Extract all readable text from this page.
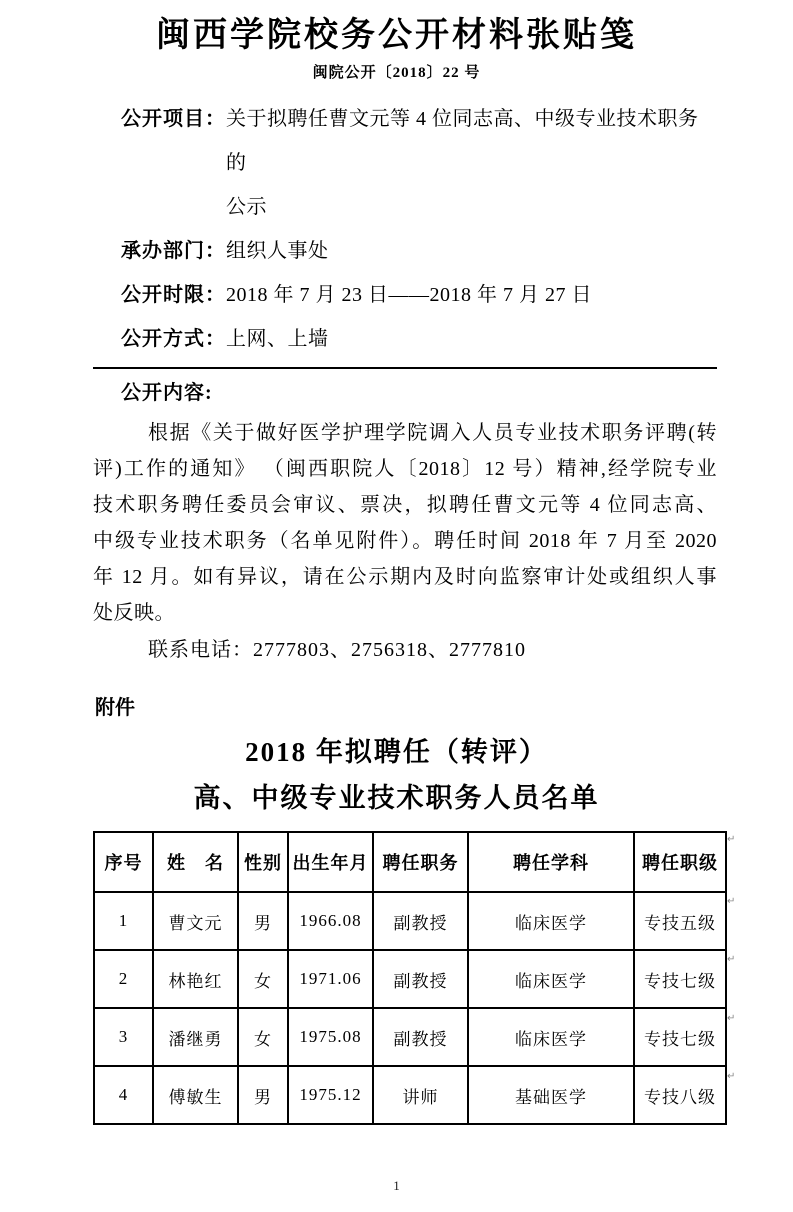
闽西学院校务公开材料张贴笺
闽院公开〔2018〕22 号
公开项目： 关于拟聘任曹文元等 4 位同志高、中级专业技术职务的
公示
承办部门： 组织人事处
公开时限： 2018 年 7 月 23 日——2018 年 7 月 27 日
公开方式： 上网、上墙
公开内容:
根据《关于做好医学护理学院调入人员专业技术职务评聘(转
评)工作的通知》 （闽西职院人〔2018〕12 号）精神,经学院专业
技术职务聘任委员会审议、票决，拟聘任曹文元等 4 位同志高、
中级专业技术职务（名单见附件）。聘任时间 2018 年 7 月至 2020
年 12 月。如有异议，请在公示期内及时向监察审计处或组织人事
处反映。
联系电话：2777803、2756318、2777810
附件
2018 年拟聘任（转评）
高、中级专业技术职务人员名单
序号	姓　名	性别	出生年月	聘任职务	聘任学科	聘任职级
1	曹文元	男	1966.08	副教授	临床医学	专技五级
2	林艳红	女	1971.06	副教授	临床医学	专技七级
3	潘继勇	女	1975.08	副教授	临床医学	专技七级
4	傅敏生	男	1975.12	讲师	基础医学	专技八级
↵
↵
↵
↵
↵
1
